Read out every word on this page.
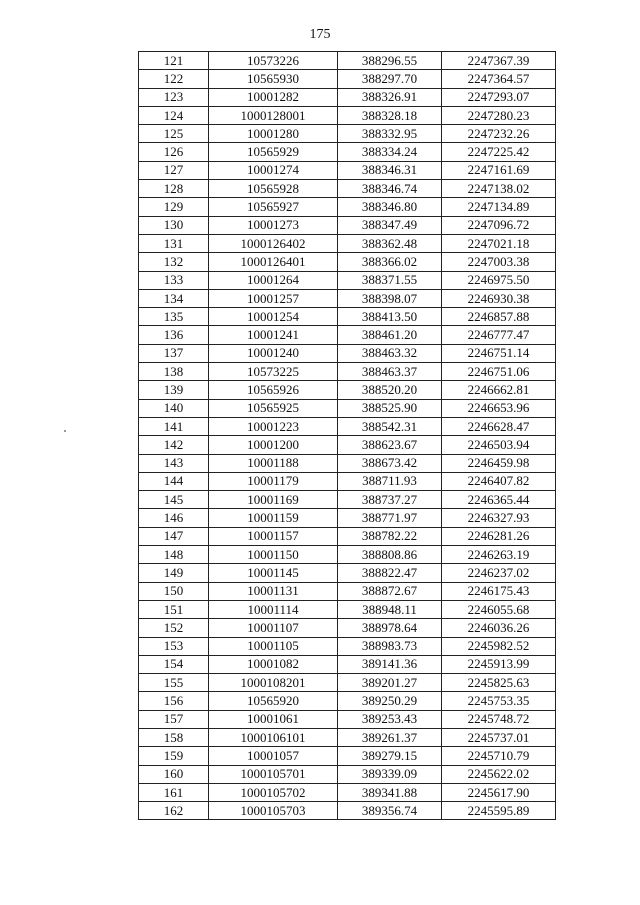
175
121	10573226	388296.55	2247367.39
122	10565930	388297.70	2247364.57
123	10001282	388326.91	2247293.07
124	1000128001	388328.18	2247280.23
125	10001280	388332.95	2247232.26
126	10565929	388334.24	2247225.42
127	10001274	388346.31	2247161.69
128	10565928	388346.74	2247138.02
129	10565927	388346.80	2247134.89
130	10001273	388347.49	2247096.72
131	1000126402	388362.48	2247021.18
132	1000126401	388366.02	2247003.38
133	10001264	388371.55	2246975.50
134	10001257	388398.07	2246930.38
135	10001254	388413.50	2246857.88
136	10001241	388461.20	2246777.47
137	10001240	388463.32	2246751.14
138	10573225	388463.37	2246751.06
139	10565926	388520.20	2246662.81
140	10565925	388525.90	2246653.96
141	10001223	388542.31	2246628.47
142	10001200	388623.67	2246503.94
143	10001188	388673.42	2246459.98
144	10001179	388711.93	2246407.82
145	10001169	388737.27	2246365.44
146	10001159	388771.97	2246327.93
147	10001157	388782.22	2246281.26
148	10001150	388808.86	2246263.19
149	10001145	388822.47	2246237.02
150	10001131	388872.67	2246175.43
151	10001114	388948.11	2246055.68
152	10001107	388978.64	2246036.26
153	10001105	388983.73	2245982.52
154	10001082	389141.36	2245913.99
155	1000108201	389201.27	2245825.63
156	10565920	389250.29	2245753.35
157	10001061	389253.43	2245748.72
158	1000106101	389261.37	2245737.01
159	10001057	389279.15	2245710.79
160	1000105701	389339.09	2245622.02
161	1000105702	389341.88	2245617.90
162	1000105703	389356.74	2245595.89
